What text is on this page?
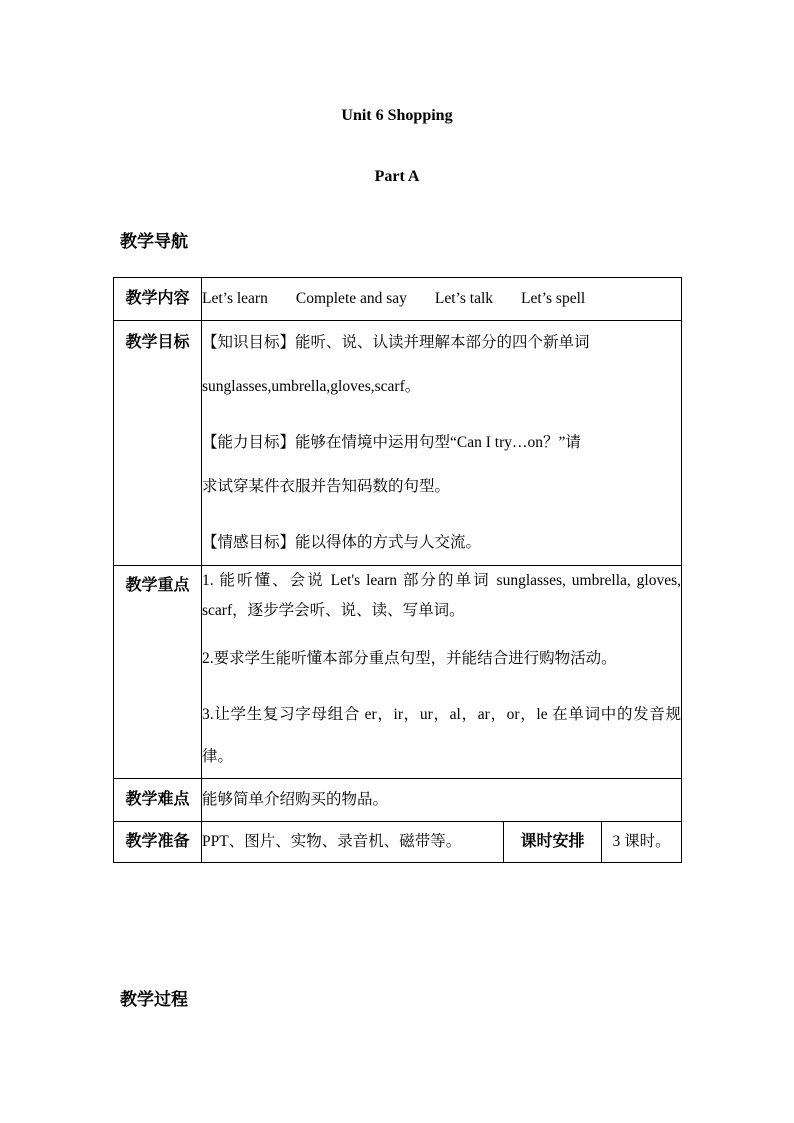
Unit 6 Shopping
Part A
教学导航
教学内容	Let’s learn Complete and say Let’s talk Let’s spell		

教学目标	【知识目标】能听、说、认读并理解本部分的四个新单词

sunglasses,umbrella,gloves,scarf。

【能力目标】能够在情境中运用句型“Can I try…on？”请

求试穿某件衣服并告知码数的句型。

【情感目标】能以得体的方式与人交流。		

教学重点	1. 能听懂、会说 Let's learn 部分的单词 sunglasses, umbrella, gloves, scarf，逐步学会听、说、读、写单词。

2.要求学生能听懂本部分重点句型，并能结合进行购物活动。

3.让学生复习字母组合 er，ir，ur，al，ar，or，le 在单词中的发音规律。		

教学难点	能够简单介绍购买的物品。		
教学准备	PPT、图片、实物、录音机、磁带等。	课时安排	3 课时。
教学过程
